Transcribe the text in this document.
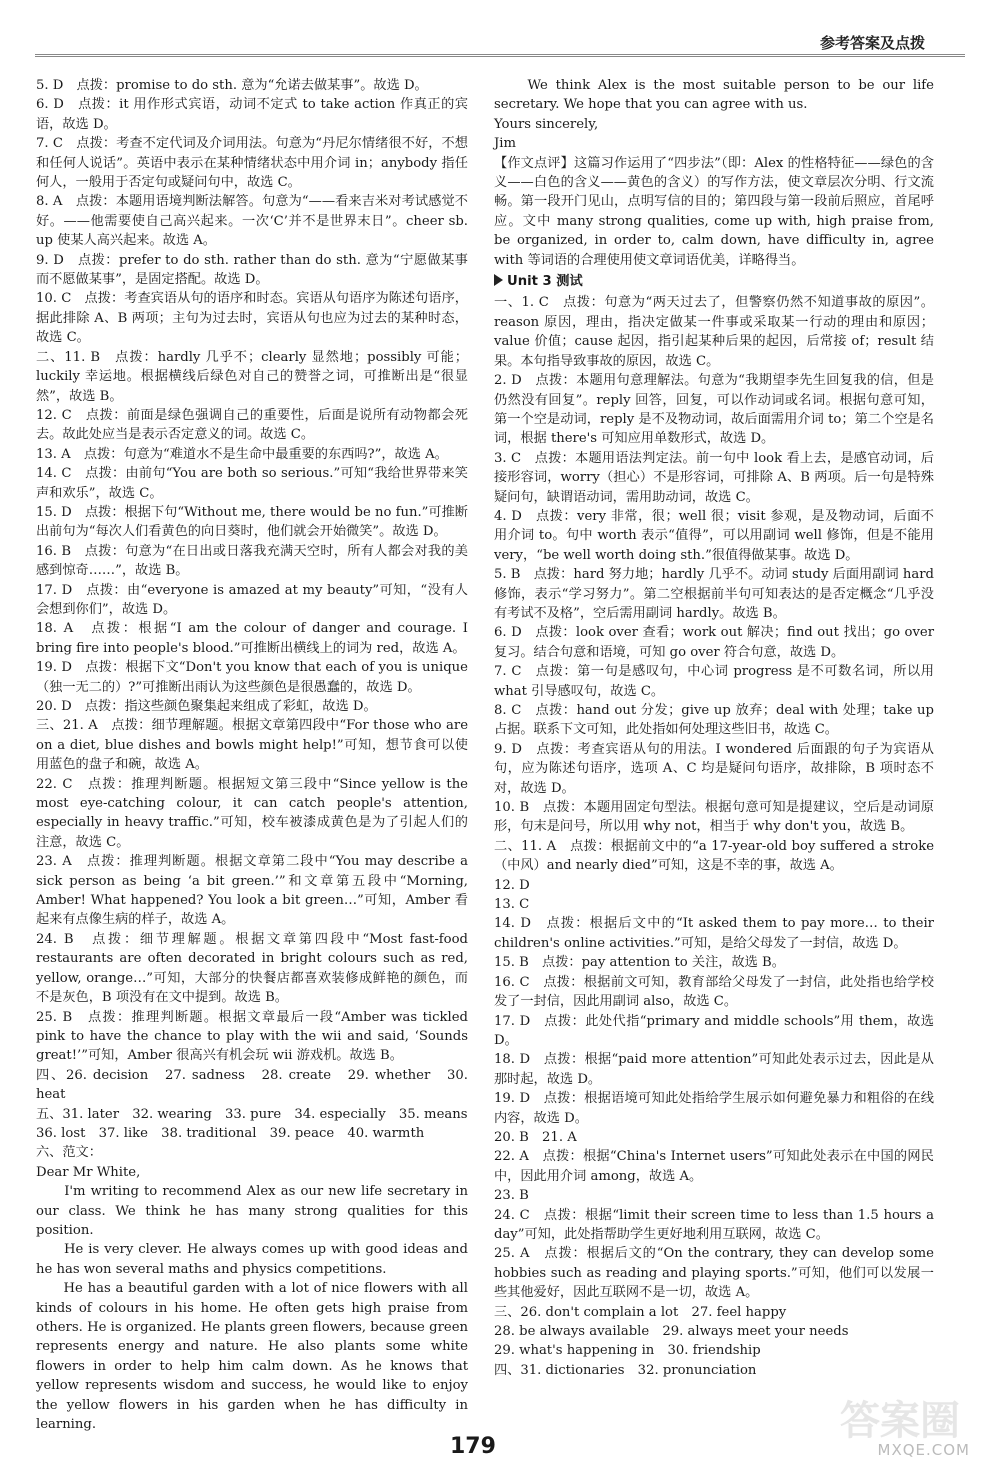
参考答案及点拨

5. D　点拨：promise to do sth. 意为“允诺去做某事”。故选 D。

6. D　点拨：it 用作形式宾语，动词不定式 to take action 作真正的宾语，故选 D。

7. C　点拨：考查不定代词及介词用法。句意为“丹尼尔情绪很不好，不想和任何人说话”。英语中表示在某种情绪状态中用介词 in；anybody 指任何人，一般用于否定句或疑问句中，故选 C。

8. A　点拨：本题用语境判断法解答。句意为“——看来吉米对考试感觉不好。——他需要使自己高兴起来。一次‘C’并不是世界末日”。cheer sb. up 使某人高兴起来。故选 A。

9. D　点拨：prefer to do sth. rather than do sth. 意为“宁愿做某事而不愿做某事”，是固定搭配。故选 D。

10. C　点拨：考查宾语从句的语序和时态。宾语从句语序为陈述句语序，据此排除 A、B 两项；主句为过去时，宾语从句也应为过去的某种时态，故选 C。

二、11. B　点拨：hardly 几乎不；clearly 显然地；possibly 可能；luckily 幸运地。根据横线后绿色对自己的赞誉之词，可推断出是“很显然”，故选 B。

12. C　点拨：前面是绿色强调自己的重要性，后面是说所有动物都会死去。故此处应当是表示否定意义的词。故选 C。

13. A　点拨：句意为“难道水不是生命中最重要的东西吗?”，故选 A。

14. C　点拨：由前句“You are both so serious.”可知“我给世界带来笑声和欢乐”，故选 C。

15. D　点拨：根据下句“Without me, there would be no fun.”可推断出前句为“每次人们看黄色的向日葵时，他们就会开始微笑”。故选 D。

16. B　点拨：句意为“在日出或日落我充满天空时，所有人都会对我的美感到惊奇……”，故选 B。

17. D　点拨：由“everyone is amazed at my beauty”可知，“没有人会想到你们”，故选 D。

18. A　点拨：根据“I am the colour of danger and courage. I bring fire into people's blood.”可推断出横线上的词为 red，故选 A。

19. D　点拨：根据下文“Don't you know that each of you is unique（独一无二的）?”可推断出雨认为这些颜色是很愚蠢的，故选 D。

20. D　点拨：指这些颜色聚集起来组成了彩虹，故选 D。

三、21. A　点拨：细节理解题。根据文章第四段中“For those who are on a diet, blue dishes and bowls might help!”可知，想节食可以使用蓝色的盘子和碗，故选 A。

22. C　点拨：推理判断题。根据短文第三段中“Since yellow is the most eye-catching colour, it can catch people's attention, especially in heavy traffic.”可知，校车被漆成黄色是为了引起人们的注意，故选 C。

23. A　点拨：推理判断题。根据文章第二段中“You may describe a sick person as being ‘a bit green.’”和文章第五段中“Morning, Amber! What happened? You look a bit green…”可知，Amber 看起来有点像生病的样子，故选 A。

24. B　点拨：细节理解题。根据文章第四段中“Most fast-food restaurants are often decorated in bright colours such as red, yellow, orange…”可知，大部分的快餐店都喜欢装修成鲜艳的颜色，而不是灰色，B 项没有在文中提到。故选 B。

25. B　点拨：推理判断题。根据文章最后一段“Amber was tickled pink to have the chance to play with the wii and said, ‘Sounds great!’”可知，Amber 很高兴有机会玩 wii 游戏机。故选 B。

四、26. decision　27. sadness　28. create　29. whether　30. heat

五、31. later　32. wearing　33. pure　34. especially　35. means

36. lost　37. like　38. traditional　39. peace　40. warmth

六、范文：

Dear Mr White,

　　I'm writing to recommend Alex as our new life secretary in our class. We think he has many strong qualities for this position.

　　He is very clever. He always comes up with good ideas and he has won several maths and physics competitions.

　　He has a beautiful garden with a lot of nice flowers with all kinds of colours in his home. He often gets high praise from others. He is organized. He plants green flowers, because green represents energy and nature. He also plants some white flowers in order to help him calm down. As he knows that yellow represents wisdom and success, he would like to enjoy the yellow flowers in his garden when he has difficulty in learning.

　　We think Alex is the most suitable person to be our life secretary. We hope that you can agree with us.

Yours sincerely,

Jim

【作文点评】这篇习作运用了“四步法”（即：Alex 的性格特征——绿色的含义——白色的含义——黄色的含义）的写作方法，使文章层次分明、行文流畅。第一段开门见山，点明写信的目的；第四段与第一段前后照应，首尾呼应。文中 many strong qualities, come up with, high praise from, be organized, in order to, calm down, have difficulty in, agree with 等词语的合理使用使文章词语优美，详略得当。

Unit 3 测试

一、1. C　点拨：句意为“两天过去了，但警察仍然不知道事故的原因”。reason 原因，理由，指决定做某一件事或采取某一行动的理由和原因；value 价值；cause 起因，指引起某种后果的起因，后常接 of；result 结果。本句指导致事故的原因，故选 C。

2. D　点拨：本题用句意理解法。句意为“我期望李先生回复我的信，但是仍然没有回复”。reply 回答，回复，可以作动词或名词。根据句意可知，第一个空是动词，reply 是不及物动词，故后面需用介词 to；第二个空是名词，根据 there's 可知应用单数形式，故选 D。

3. C　点拨：本题用语法判定法。前一句中 look 看上去，是感官动词，后接形容词，worry（担心）不是形容词，可排除 A、B 两项。后一句是特殊疑问句，缺谓语动词，需用助动词，故选 C。

4. D　点拨：very 非常，很；well 很；visit 参观，是及物动词，后面不用介词 to。句中 worth 表示“值得”，可以用副词 well 修饰，但是不能用 very，“be well worth doing sth.”很值得做某事。故选 D。

5. B　点拨：hard 努力地；hardly 几乎不。动词 study 后面用副词 hard 修饰，表示“学习努力”。第二空根据前半句可知表达的是否定概念“几乎没有考试不及格”，空后需用副词 hardly。故选 B。

6. D　点拨：look over 查看；work out 解决；find out 找出；go over 复习。结合句意和语境，可知 go over 符合句意，故选 D。

7. C　点拨：第一句是感叹句，中心词 progress 是不可数名词，所以用 what 引导感叹句，故选 C。

8. C　点拨：hand out 分发；give up 放弃；deal with 处理；take up 占据。联系下文可知，此处指如何处理这些旧书，故选 C。

9. D　点拨：考查宾语从句的用法。I wondered 后面跟的句子为宾语从句，应为陈述句语序，选项 A、C 均是疑问句语序，故排除，B 项时态不对，故选 D。

10. B　点拨：本题用固定句型法。根据句意可知是提建议，空后是动词原形，句末是问号，所以用 why not，相当于 why don't you，故选 B。

二、11. A　点拨：根据前文中的“a 17-year-old boy suffered a stroke（中风）and nearly died”可知，这是不幸的事，故选 A。

12. D

13. C

14. D　点拨：根据后文中的“It asked them to pay more… to their children's online activities.”可知，是给父母发了一封信，故选 D。

15. B　点拨：pay attention to 关注，故选 B。

16. C　点拨：根据前文可知，教育部给父母发了一封信，此处指也给学校发了一封信，因此用副词 also，故选 C。

17. D　点拨：此处代指“primary and middle schools”用 them，故选 D。

18. D　点拨：根据“paid more attention”可知此处表示过去，因此是从那时起，故选 D。

19. D　点拨：根据语境可知此处指给学生展示如何避免暴力和粗俗的在线内容，故选 D。

20. B　21. A

22. A　点拨：根据“China's Internet users”可知此处表示在中国的网民中，因此用介词 among，故选 A。

23. B

24. C　点拨：根据“limit their screen time to less than 1.5 hours a day”可知，此处指帮助学生更好地利用互联网，故选 C。

25. A　点拨：根据后文的“On the contrary, they can develop some hobbies such as reading and playing sports.”可知，他们可以发展一些其他爱好，因此互联网不是一切，故选 A。

三、26. don't complain a lot　27. feel happy

28. be always available　29. always meet your needs

29. what's happening in　30. friendship

四、31. dictionaries　32. pronunciation

179
答案圈
MXQE.COM
